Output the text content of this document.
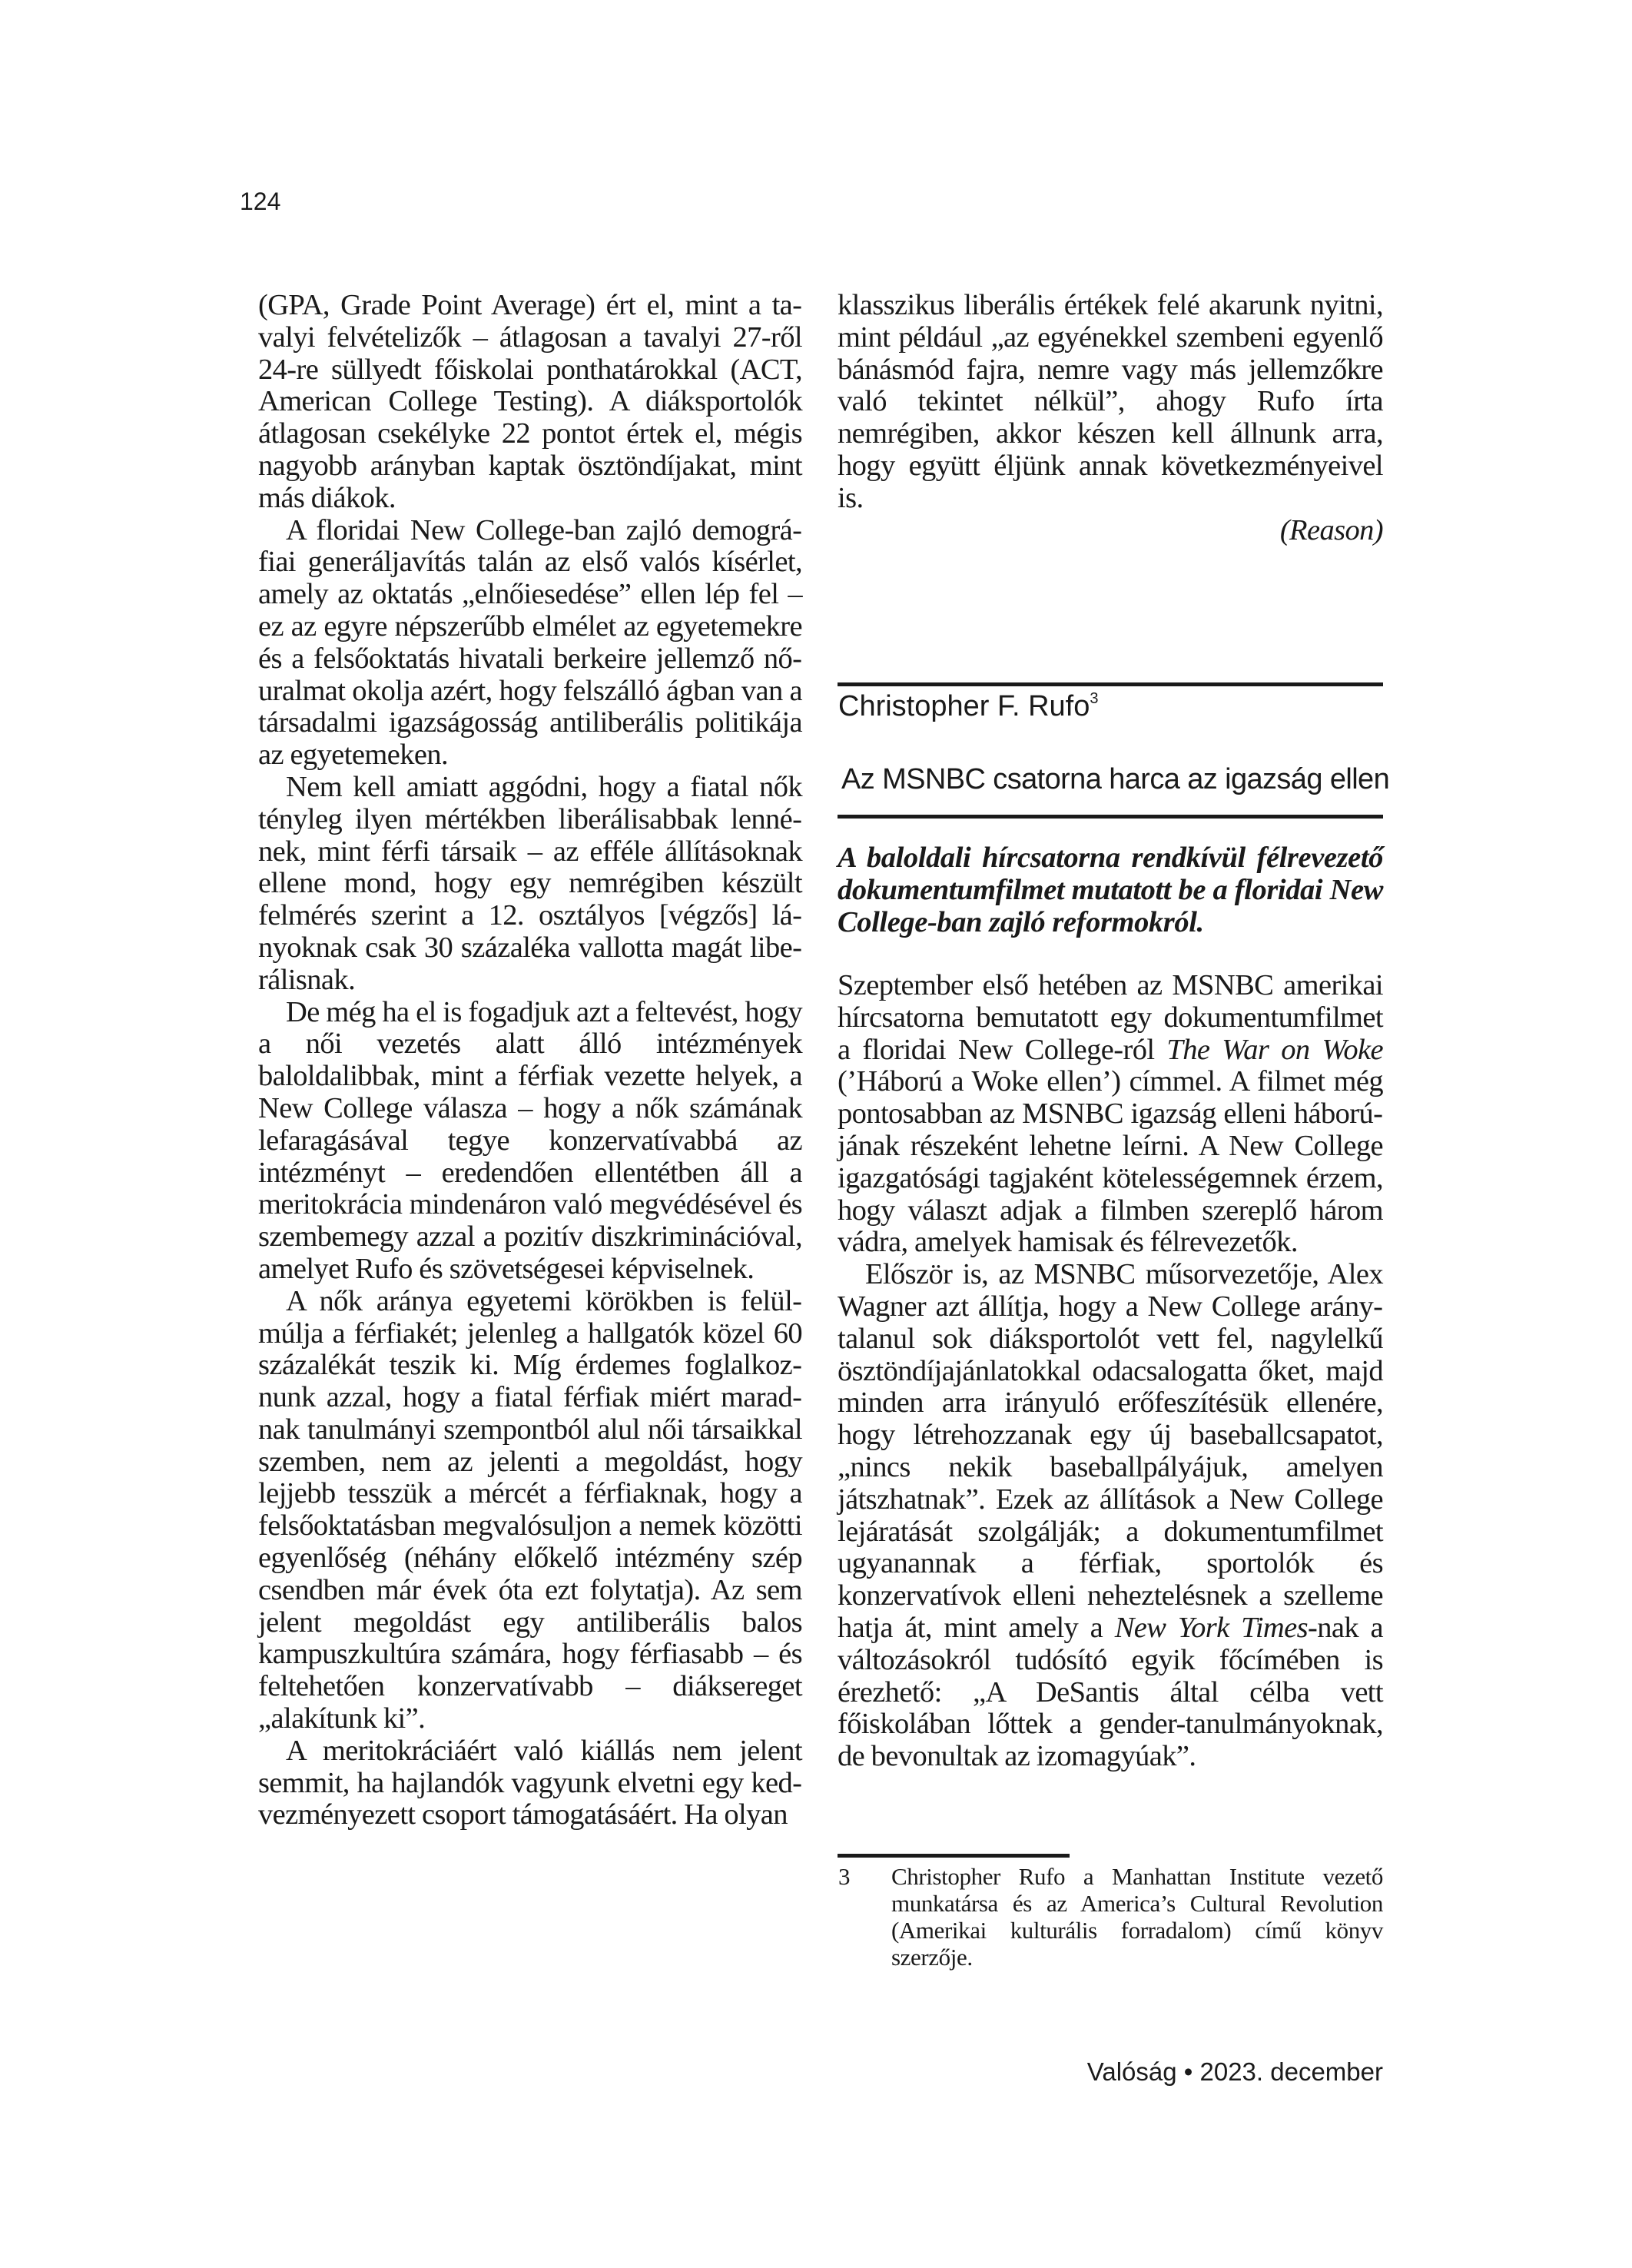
124

(GPA, Grade Point Average) ért el, mint a tavalyi felvételizők – átlagosan a tavalyi 27-ről 24-re süllyedt főiskolai ponthatárokkal (ACT, American College Testing). A diáksportolók átlagosan csekélyke 22 pontot értek el, mégis nagyobb arányban kaptak ösztöndíjakat, mint más diákok.

A floridai New College-ban zajló demográfiai generáljavítás talán az első valós kísérlet, amely az oktatás „elnőiesedése” ellen lép fel – ez az egyre népszerűbb elmélet az egyetemekre és a felsőoktatás hivatali berkeire jellemző nőuralmat okolja azért, hogy felszálló ágban van a társadalmi igazságosság antiliberális politikája az egyetemeken.

Nem kell amiatt aggódni, hogy a fiatal nők tényleg ilyen mértékben liberálisabbak lennének, mint férfi társaik – az efféle állításoknak ellene mond, hogy egy nemrégiben készült felmérés szerint a 12. osztályos [végzős] lányoknak csak 30 százaléka vallotta magát liberálisnak.

De még ha el is fogadjuk azt a feltevést, hogy a női vezetés alatt álló intézmények baloldalibbak, mint a férfiak vezette helyek, a New College válasza – hogy a nők számának lefaragásával tegye konzervatívabbá az intézményt – eredendően ellentétben áll a meritokrácia mindenáron való megvédésével és szembemegy azzal a pozitív diszkriminációval, amelyet Rufo és szövetségesei képviselnek.

A nők aránya egyetemi körökben is felülmúlja a férfiakét; jelenleg a hallgatók közel 60 százalékát teszik ki. Míg érdemes foglalkoznunk azzal, hogy a fiatal férfiak miért maradnak tanulmányi szempontból alul női társaikkal szemben, nem az jelenti a megoldást, hogy lejjebb tesszük a mércét a férfiaknak, hogy a felsőoktatásban megvalósuljon a nemek közötti egyenlőség (néhány előkelő intézmény szép csendben már évek óta ezt folytatja). Az sem jelent megoldást egy antiliberális balos kampuszkultúra számára, hogy férfiasabb – és feltehetően konzervatívabb – diáksereget „alakítunk ki”.

A meritokráciáért való kiállás nem jelent semmit, ha hajlandók vagyunk elvetni egy kedvezményezett csoport támogatásáért. Ha olyan

klasszikus liberális értékek felé akarunk nyitni, mint például „az egyénekkel szembeni egyenlő bánásmód fajra, nemre vagy más jellemzőkre való tekintet nélkül”, ahogy Rufo írta nemrégiben, akkor készen kell állnunk arra, hogy együtt éljünk annak következményeivel is.

(Reason)

Christopher F. Rufo$^3$
Az MSNBC csatorna harca az igazság ellen

A baloldali hírcsatorna rendkívül félrevezető dokumentumfilmet mutatott be a floridai New College-ban zajló reformokról.

Szeptember első hetében az MSNBC amerikai hírcsatorna bemutatott egy dokumentumfilmet a floridai New College-ról The War on Woke (’Háború a Woke ellen’) címmel. A filmet még pontosabban az MSNBC igazság elleni háborújának részeként lehetne leírni. A New College igazgatósági tagjaként kötelességemnek érzem, hogy választ adjak a filmben szereplő három vádra, amelyek hamisak és félrevezetők.

Először is, az MSNBC műsorvezetője, Alex Wagner azt állítja, hogy a New College aránytalanul sok diáksportolót vett fel, nagylelkű ösztöndíjajánlatokkal odacsalogatta őket, majd minden arra irányuló erőfeszítésük ellenére, hogy létrehozzanak egy új baseballcsapatot, „nincs nekik baseballpályájuk, amelyen játszhatnak”. Ezek az állítások a New College lejáratását szolgálják; a dokumentumfilmet ugyanannak a férfiak, sportolók és konzervatívok elleni neheztelésnek a szelleme hatja át, mint amely a New York Times-nak a változásokról tudósító egyik főcímében is érezhető: „A DeSantis által célba vett főiskolában lőttek a gender-tanulmányoknak, de bevonultak az izomagyúak”.

3 Christopher Rufo a Manhattan Institute vezető munkatársa és az America’s Cultural Revolution (Amerikai kulturális forradalom) című könyv szerzője.
Valóság • 2023. december
